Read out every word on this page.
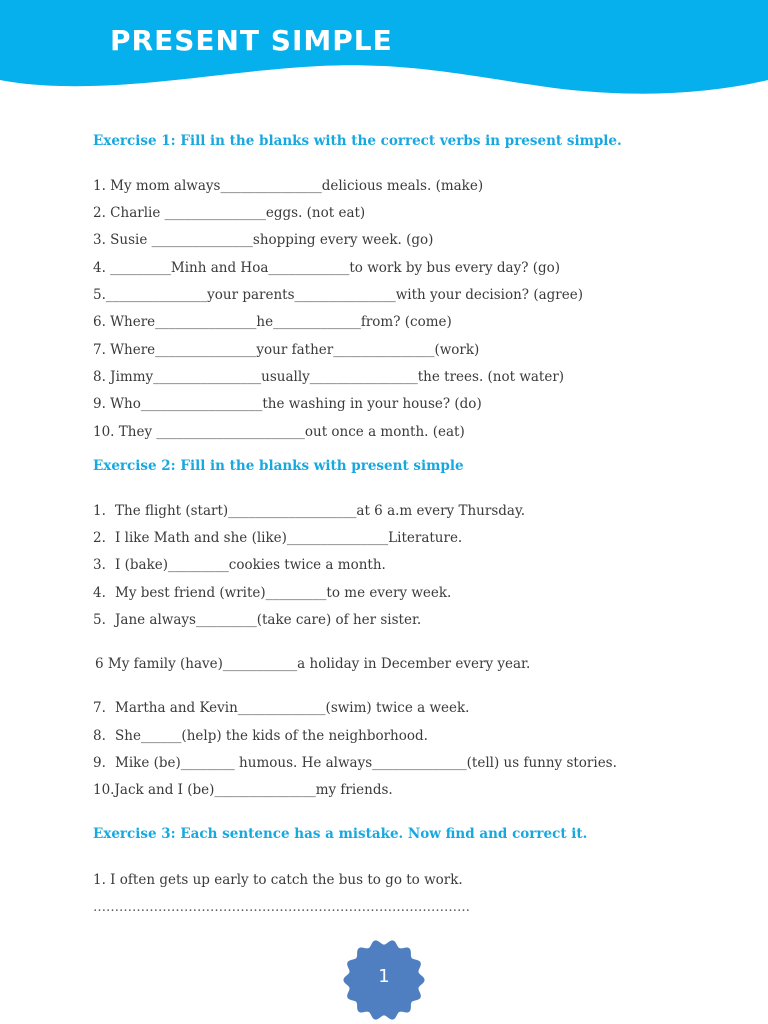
PRESENT SIMPLE

Exercise 1: Fill in the blanks with the correct verbs in present simple.

1. My mom always_______________delicious meals. (make)
2. Charlie _______________eggs. (not eat)
3. Susie _______________shopping every week. (go)
4. _________Minh and Hoa____________to work by bus every day? (go)
5._______________your parents_______________with your decision? (agree)
6. Where_______________he_____________from? (come)
7. Where_______________your father_______________(work)
8. Jimmy________________usually________________the trees. (not water)
9. Who__________________the washing in your house? (do)
10. They ______________________out once a month. (eat)

Exercise 2: Fill in the blanks with present simple

1. The flight (start)___________________at 6 a.m every Thursday.
2. I like Math and she (like)_______________Literature.
3. I (bake)_________cookies twice a month.
4. My best friend (write)_________to me every week.
5. Jane always_________(take care) of her sister.
6 My family (have)___________a holiday in December every year.
7. Martha and Kevin_____________(swim) twice a week.
8. She______(help) the kids of the neighborhood.
9. Mike (be)________ humous. He always______________(tell) us funny stories.
10.Jack and I (be)_______________my friends.

Exercise 3: Each sentence has a mistake. Now find and correct it.

1. I often gets up early to catch the bus to go to work.
……………………………………………………………………………
1
